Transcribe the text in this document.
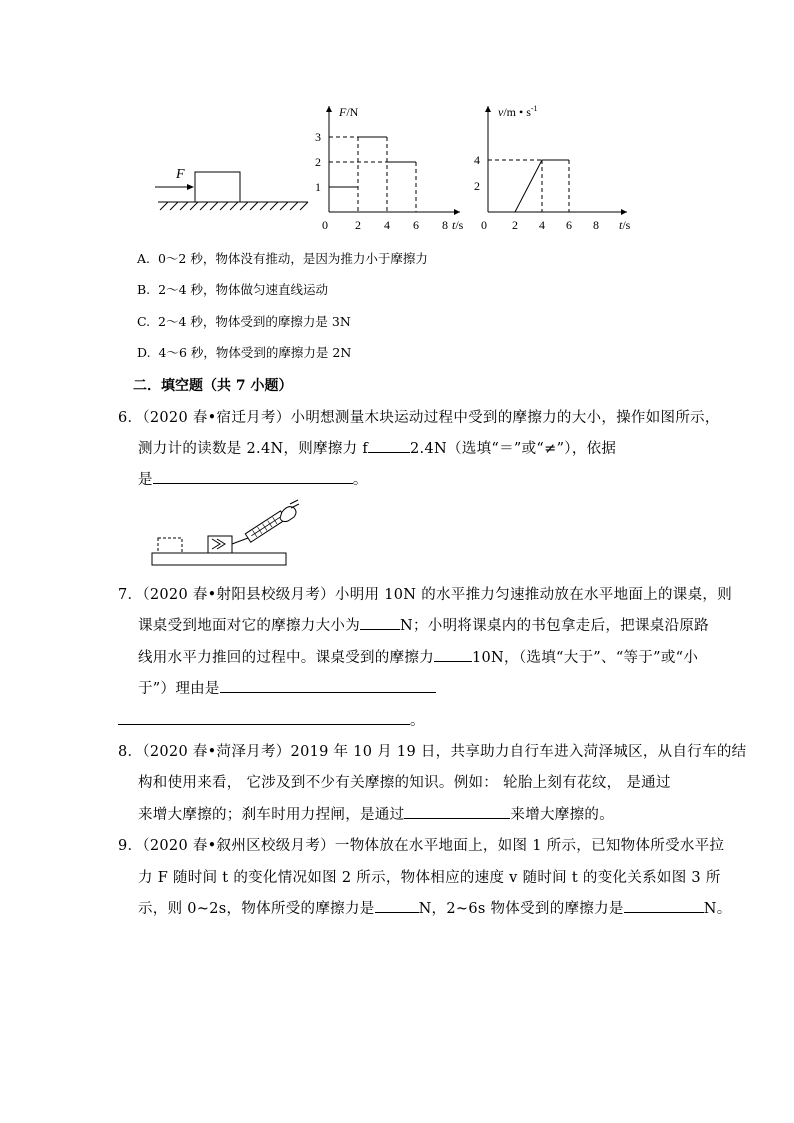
F
F/N
t/s
0 2 4 6 8
1
2
3
v/m • $s^{-1}$
t/s
0 2 4 6 8
2
4
A. 0～2 秒，物体没有推动，是因为推力小于摩擦力
B. 2～4 秒，物体做匀速直线运动
C. 2～4 秒，物体受到的摩擦力是 3N
D. 4～6 秒，物体受到的摩擦力是 2N
二．填空题（共 7 小题）
6．（2020 春•宿迁月考）小明想测量木块运动过程中受到的摩擦力的大小，操作如图所示，
测力计的读数是 2.4N，则摩擦力 f	2.4N（选填“＝”或“≠”），依据
是	。
7．（2020 春•射阳县校级月考）小明用 10N 的水平推力匀速推动放在水平地面上的课桌，则
课桌受到地面对它的摩擦力大小为	N；小明将课桌内的书包拿走后，把课桌沿原路
线用水平力推回的过程中。课桌受到的摩擦力	10N，（选填“大于”、“等于”或“小
于”）理由是
。
8．（2020 春•菏泽月考）2019 年 10 月 19 日，共享助力自行车进入菏泽城区，从自行车的结
构和使用来看， 它涉及到不少有关摩擦的知识。例如： 轮胎上刻有花纹， 是通过
来增大摩擦的；刹车时用力捏闸，是通过	来增大摩擦的。
9．（2020 春•叙州区校级月考）一物体放在水平地面上，如图 1 所示，已知物体所受水平拉
力 F 随时间 t 的变化情况如图 2 所示，物体相应的速度 v 随时间 t 的变化关系如图 3 所
示，则 0~2s，物体所受的摩擦力是	N，2~6s 物体受到的摩擦力是	N。
